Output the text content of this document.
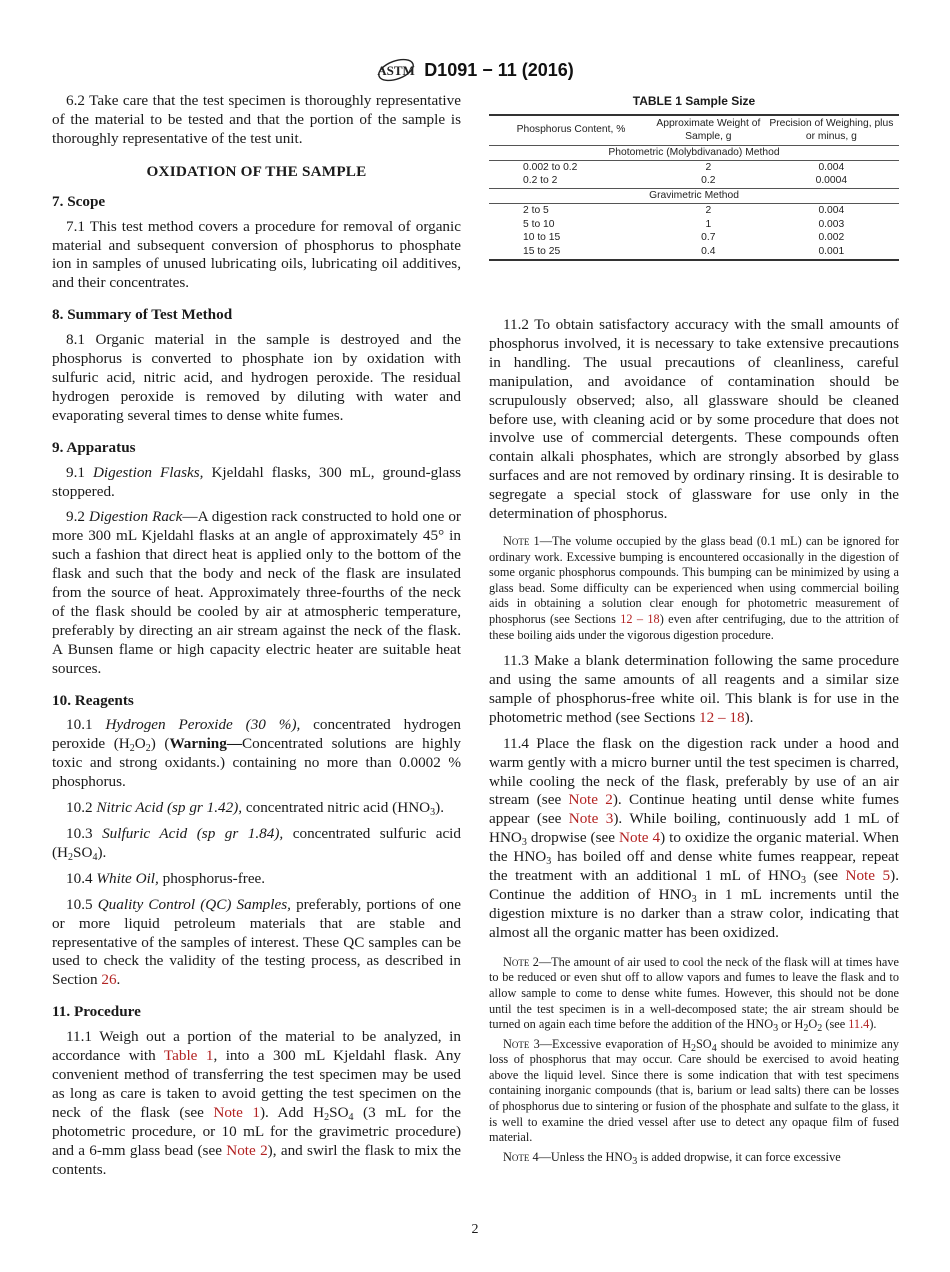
ASTM D1091 − 11 (2016)

6.2 Take care that the test specimen is thoroughly representative of the material to be tested and that the portion of the sample is thoroughly representative of the test unit.

OXIDATION OF THE SAMPLE
7. Scope

7.1 This test method covers a procedure for removal of organic material and subsequent conversion of phosphorus to phosphate ion in samples of unused lubricating oils, lubricating oil additives, and their concentrates.

8. Summary of Test Method

8.1 Organic material in the sample is destroyed and the phosphorus is converted to phosphate ion by oxidation with sulfuric acid, nitric acid, and hydrogen peroxide. The residual hydrogen peroxide is removed by diluting with water and evaporating several times to dense white fumes.

9. Apparatus

9.1 Digestion Flasks, Kjeldahl flasks, 300 mL, ground-glass stoppered.

9.2 Digestion Rack—A digestion rack constructed to hold one or more 300 mL Kjeldahl flasks at an angle of approximately 45° in such a fashion that direct heat is applied only to the bottom of the flask and such that the body and neck of the flask are insulated from the source of heat. Approximately three-fourths of the neck of the flask should be cooled by air at atmospheric temperature, preferably by directing an air stream against the neck of the flask. A Bunsen flame or high capacity electric heater are suitable heat sources.

10. Reagents

10.1 Hydrogen Peroxide (30 %), concentrated hydrogen peroxide $(H_2O_2)$ (Warning—Concentrated solutions are highly toxic and strong oxidants.) containing no more than 0.0002 % phosphorus.

10.2 Nitric Acid (sp gr 1.42), concentrated nitric acid $(HNO_3)$.

10.3 Sulfuric Acid (sp gr 1.84), concentrated sulfuric acid $(H_2SO_4)$.

10.4 White Oil, phosphorus-free.

10.5 Quality Control (QC) Samples, preferably, portions of one or more liquid petroleum materials that are stable and representative of the samples of interest. These QC samples can be used to check the validity of the testing process, as described in Section 26.

11. Procedure

11.1 Weigh out a portion of the material to be analyzed, in accordance with Table 1, into a 300 mL Kjeldahl flask. Any convenient method of transferring the test specimen may be used as long as care is taken to avoid getting the test specimen on the neck of the flask (see Note 1). Add $H_2SO_4$ (3 mL for the photometric procedure, or 10 mL for the gravimetric procedure) and a 6-mm glass bead (see Note 2), and swirl the flask to mix the contents.

TABLE 1 Sample Size
Phosphorus Content, %	Approximate Weight of Sample, g	Precision of Weighing, plus or minus, g
Photometric (Molybdivanado) Method		
0.002 to 0.2	2	0.004
0.2 to 2	0.2	0.0004
Gravimetric Method		
2 to 5	2	0.004
5 to 10	1	0.003
10 to 15	0.7	0.002
15 to 25	0.4	0.001

11.2 To obtain satisfactory accuracy with the small amounts of phosphorus involved, it is necessary to take extensive precautions in handling. The usual precautions of cleanliness, careful manipulation, and avoidance of contamination should be scrupulously observed; also, all glassware should be cleaned before use, with cleaning acid or by some procedure that does not involve use of commercial detergents. These compounds often contain alkali phosphates, which are strongly absorbed by glass surfaces and are not removed by ordinary rinsing. It is desirable to segregate a special stock of glassware for use only in the determination of phosphorus.

Note 1—The volume occupied by the glass bead (0.1 mL) can be ignored for ordinary work. Excessive bumping is encountered occasionally in the digestion of some organic phosphorus compounds. This bumping can be minimized by using a glass bead. Some difficulty can be experienced when using commercial boiling aids in obtaining a solution clear enough for photometric measurement of phosphorus (see Sections 12 – 18) even after centrifuging, due to the attrition of these boiling aids under the vigorous digestion procedure.

11.3 Make a blank determination following the same procedure and using the same amounts of all reagents and a similar size sample of phosphorus-free white oil. This blank is for use in the photometric method (see Sections 12 – 18).

11.4 Place the flask on the digestion rack under a hood and warm gently with a micro burner until the test specimen is charred, while cooling the neck of the flask, preferably by use of an air stream (see Note 2). Continue heating until dense white fumes appear (see Note 3). While boiling, continuously add 1 mL of $HNO_3$ dropwise (see Note 4) to oxidize the organic material. When the $HNO_3$ has boiled off and dense white fumes reappear, repeat the treatment with an additional 1 mL of $HNO_3$ (see Note 5). Continue the addition of $HNO_3$ in 1 mL increments until the digestion mixture is no darker than a straw color, indicating that almost all the organic matter has been oxidized.

Note 2—The amount of air used to cool the neck of the flask will at times have to be reduced or even shut off to allow vapors and fumes to leave the flask and to allow sample to come to dense white fumes. However, this should not be done until the test specimen is in a well-decomposed state; the air stream should be turned on again each time before the addition of the $HNO_3$ or $H_2O_2$ (see 11.4).

Note 3—Excessive evaporation of $H_2SO_4$ should be avoided to minimize any loss of phosphorus that may occur. Care should be exercised to avoid heating above the liquid level. Since there is some indication that with test specimens containing inorganic compounds (that is, barium or lead salts) there can be losses of phosphorus due to sintering or fusion of the phosphate and sulfate to the glass, it is well to examine the dried vessel after use to detect any opaque film of fused material.

Note 4—Unless the $HNO_3$ is added dropwise, it can force excessive

2
